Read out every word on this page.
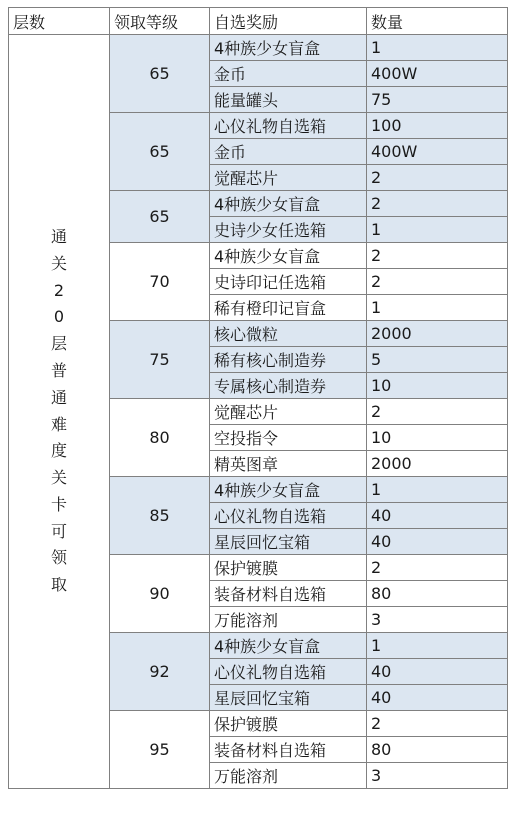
层数	领取等级	自选奖励	数量
通关20层普通难度关卡可领取	65	4种族少女盲盒	1
		金币	400W
		能量罐头	75
	65	心仪礼物自选箱	100
		金币	400W
		觉醒芯片	2
	65	4种族少女盲盒	2
		史诗少女任选箱	1
	70	4种族少女盲盒	2
		史诗印记任选箱	2
		稀有橙印记盲盒	1
	75	核心微粒	2000
		稀有核心制造券	5
		专属核心制造券	10
	80	觉醒芯片	2
		空投指令	10
		精英图章	2000
	85	4种族少女盲盒	1
		心仪礼物自选箱	40
		星辰回忆宝箱	40
	90	保护镀膜	2
		装备材料自选箱	80
		万能溶剂	3
	92	4种族少女盲盒	1
		心仪礼物自选箱	40
		星辰回忆宝箱	40
	95	保护镀膜	2
		装备材料自选箱	80
		万能溶剂	3
